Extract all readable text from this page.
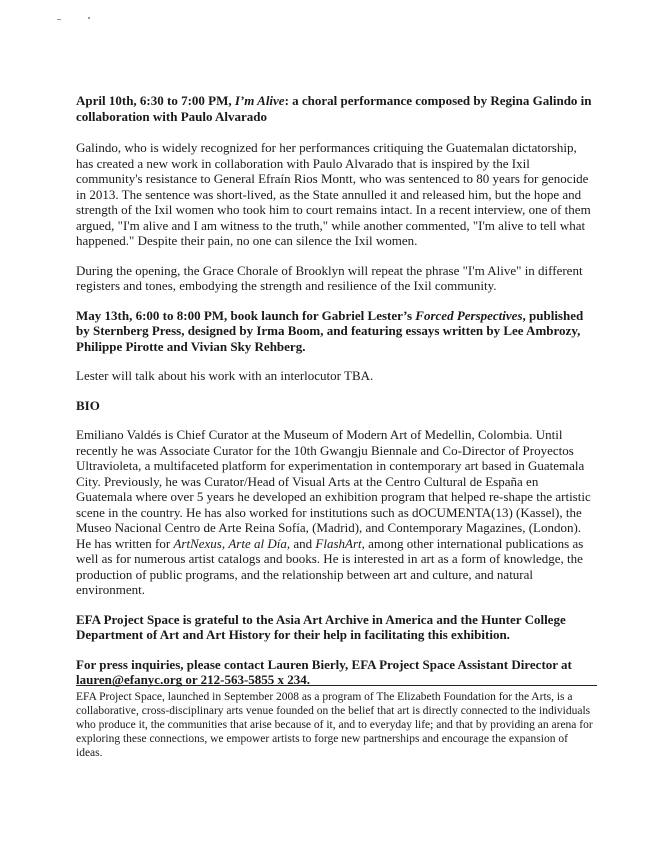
April 10th, 6:30 to 7:00 PM, I’m Alive: a choral performance composed by Regina Galindo in collaboration with Paulo Alvarado

Galindo, who is widely recognized for her performances critiquing the Guatemalan dictatorship, has created a new work in collaboration with Paulo Alvarado that is inspired by the Ixil community's resistance to General Efraín Rios Montt, who was sentenced to 80 years for genocide in 2013. The sentence was short-lived, as the State annulled it and released him, but the hope and strength of the Ixil women who took him to court remains intact. In a recent interview, one of them argued, "I'm alive and I am witness to the truth," while another commented, "I'm alive to tell what happened." Despite their pain, no one can silence the Ixil women.

During the opening, the Grace Chorale of Brooklyn will repeat the phrase "I'm Alive" in different registers and tones, embodying the strength and resilience of the Ixil community.

May 13th, 6:00 to 8:00 PM, book launch for Gabriel Lester’s Forced Perspectives, published by Sternberg Press, designed by Irma Boom, and featuring essays written by Lee Ambrozy, Philippe Pirotte and Vivian Sky Rehberg.

Lester will talk about his work with an interlocutor TBA.

BIO

Emiliano Valdés is Chief Curator at the Museum of Modern Art of Medellin, Colombia. Until recently he was Associate Curator for the 10th Gwangju Biennale and Co-Director of Proyectos Ultravioleta, a multifaceted platform for experimentation in contemporary art based in Guatemala City. Previously, he was Curator/Head of Visual Arts at the Centro Cultural de España en Guatemala where over 5 years he developed an exhibition program that helped re-shape the artistic scene in the country. He has also worked for institutions such as dOCUMENTA(13) (Kassel), the Museo Nacional Centro de Arte Reina Sofía, (Madrid), and Contemporary Magazines, (London). He has written for ArtNexus, Arte al Día, and FlashArt, among other international publications as well as for numerous artist catalogs and books. He is interested in art as a form of knowledge, the production of public programs, and the relationship between art and culture, and natural environment.

EFA Project Space is grateful to the Asia Art Archive in America and the Hunter College Department of Art and Art History for their help in facilitating this exhibition.

For press inquiries, please contact Lauren Bierly, EFA Project Space Assistant Director at lauren@efanyc.org or 212-563-5855 x 234.

EFA Project Space, launched in September 2008 as a program of The Elizabeth Foundation for the Arts, is a collaborative, cross-disciplinary arts venue founded on the belief that art is directly connected to the individuals who produce it, the communities that arise because of it, and to everyday life; and that by providing an arena for exploring these connections, we empower artists to forge new partnerships and encourage the expansion of ideas.
